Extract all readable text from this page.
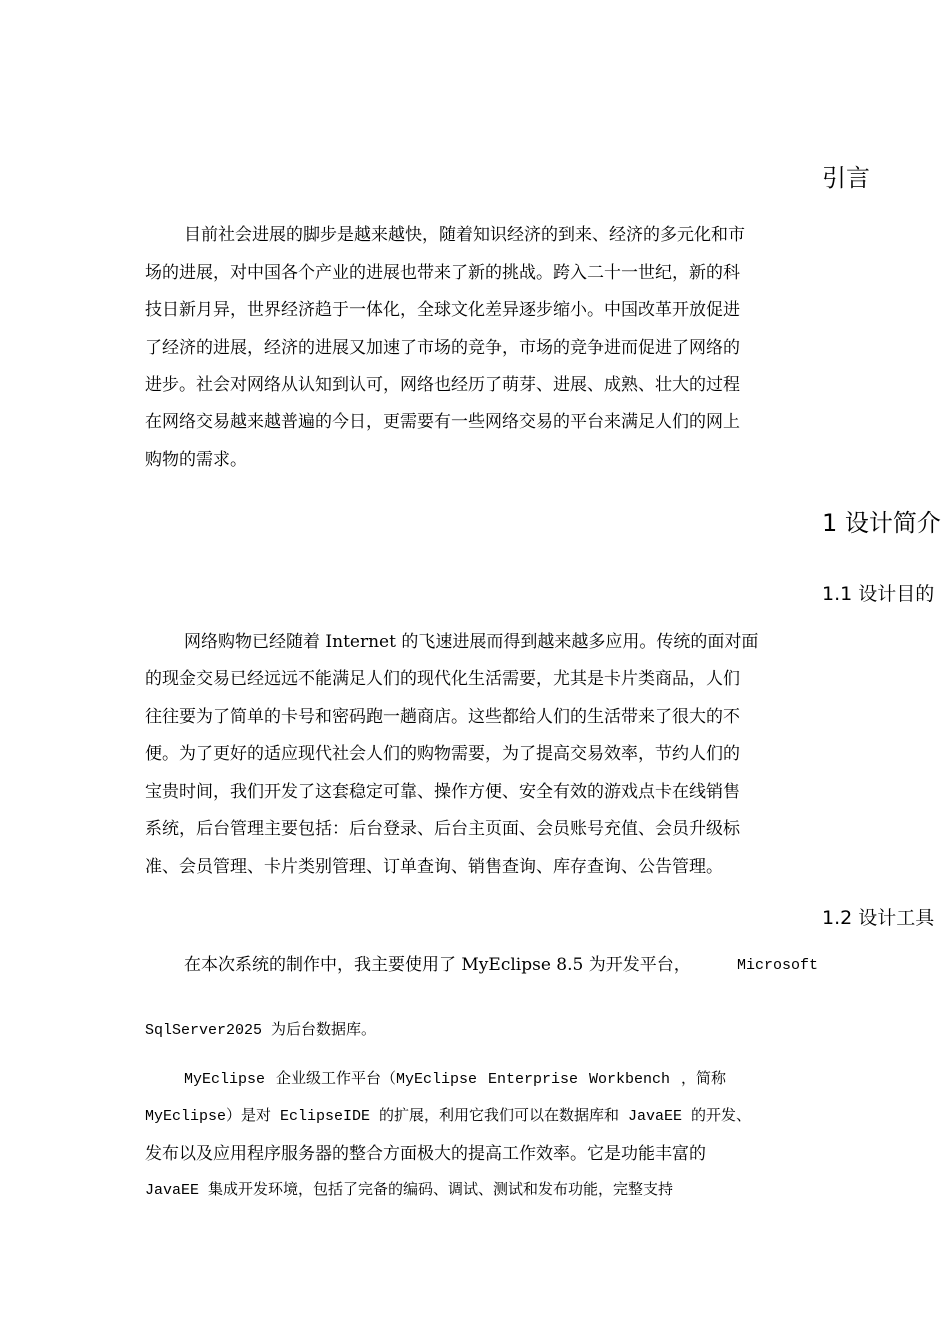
引言
目前社会进展的脚步是越来越快，随着知识经济的到来、经济的多元化和市
场的进展，对中国各个产业的进展也带来了新的挑战。跨入二十一世纪，新的科
技日新月异，世界经济趋于一体化，全球文化差异逐步缩小。中国改革开放促进
了经济的进展，经济的进展又加速了市场的竞争，市场的竞争进而促进了网络的
进步。社会对网络从认知到认可，网络也经历了萌芽、进展、成熟、壮大的过程
在网络交易越来越普遍的今日，更需要有一些网络交易的平台来满足人们的网上
购物的需求。
1 设计简介
1.1 设计目的
网络购物已经随着 Internet 的飞速进展而得到越来越多应用。传统的面对面
的现金交易已经远远不能满足人们的现代化生活需要，尤其是卡片类商品，人们
往往要为了简单的卡号和密码跑一趟商店。这些都给人们的生活带来了很大的不
便。为了更好的适应现代社会人们的购物需要，为了提高交易效率，节约人们的
宝贵时间，我们开发了这套稳定可靠、操作方便、安全有效的游戏点卡在线销售
系统，后台管理主要包括：后台登录、后台主页面、会员账号充值、会员升级标
准、会员管理、卡片类别管理、订单查询、销售查询、库存查询、公告管理。
1.2 设计工具
在本次系统的制作中，我主要使用了 MyEclipse 8.5 为开发平台，	Microsoft
SqlServer2025 为后台数据库。
MyEclipse 企业级工作平台（MyEclipse Enterprise Workbench ，简称
MyEclipse）是对 EclipseIDE 的扩展，利用它我们可以在数据库和 JavaEE 的开发、
发布以及应用程序服务器的整合方面极大的提高工作效率。它是功能丰富的
JavaEE 集成开发环境，包括了完备的编码、调试、测试和发布功能，完整支持
